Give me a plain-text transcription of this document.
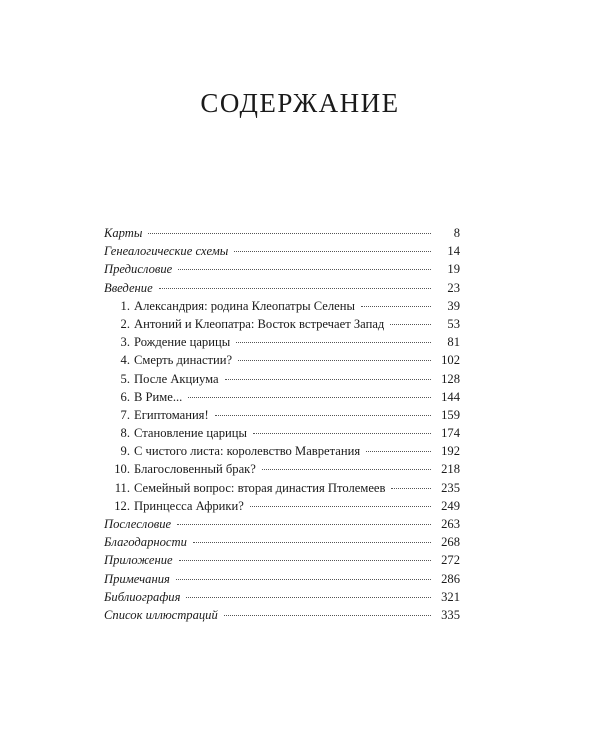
СОДЕРЖАНИЕ
Карты	8
Генеалогические схемы	14
Предисловие	19
Введение	23
1. Александрия: родина Клеопатры Селены	39
2. Антоний и Клеопатра: Восток встречает Запад	53
3. Рождение царицы	81
4. Смерть династии?	102
5. После Акциума	128
6. В Риме...	144
7. Египтомания!	159
8. Становление царицы	174
9. С чистого листа: королевство Мавретания	192
10. Благословенный брак?	218
11. Семейный вопрос: вторая династия Птолемеев	235
12. Принцесса Африки?	249
Послесловие	263
Благодарности	268
Приложение	272
Примечания	286
Библиография	321
Список иллюстраций	335
